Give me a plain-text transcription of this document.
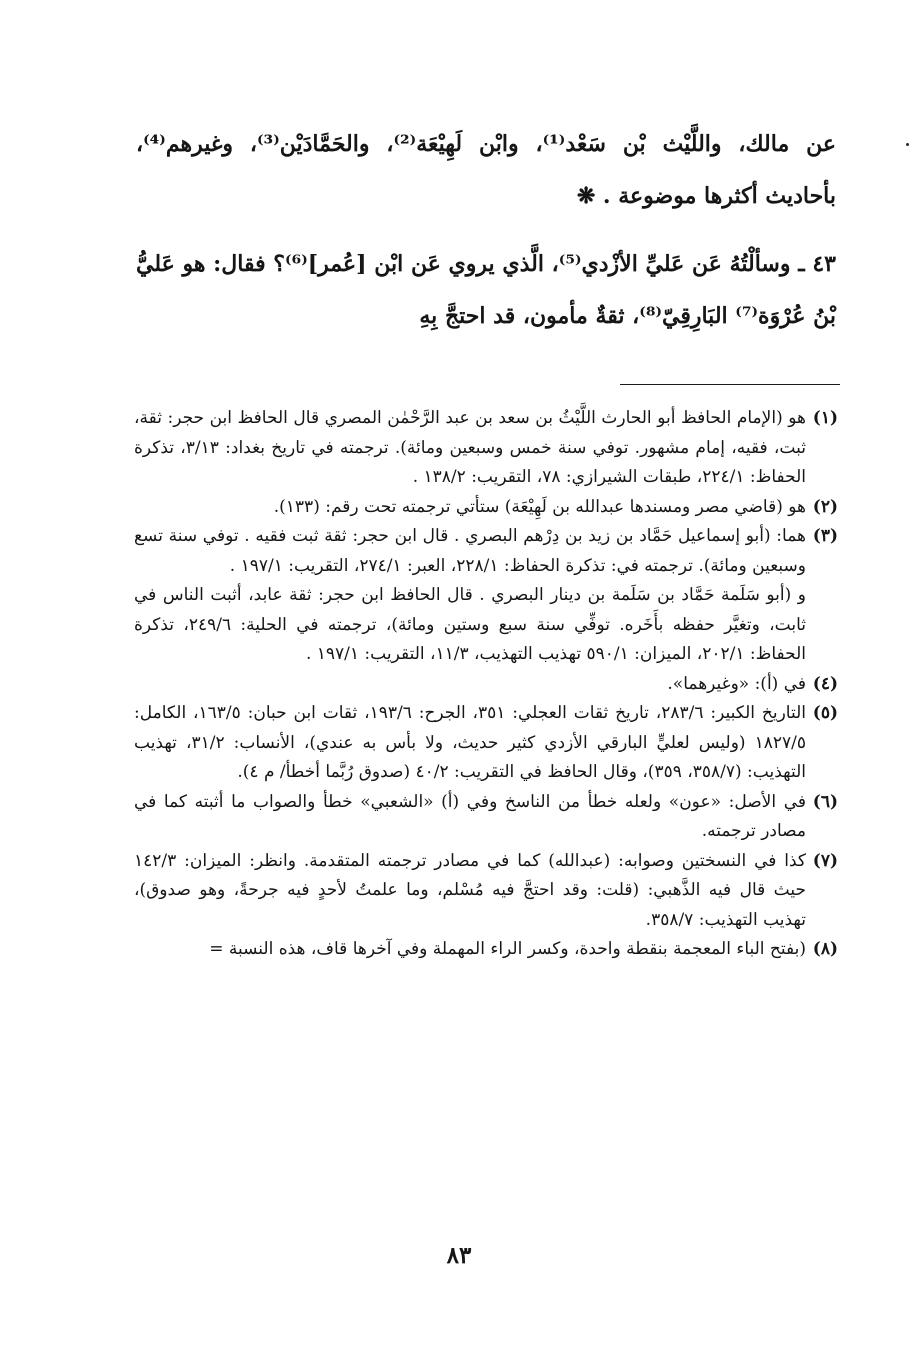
عن مالك، واللَّيْث بْن سَعْد⁽¹⁾، وابْن لَهِيْعَة⁽²⁾، والحَمَّادَيْن⁽³⁾، وغيرهم⁽⁴⁾، بأحاديث أكثرها موضوعة . ❋

٤٣ ـ وسألْتُهُ عَن عَليِّ الأزْدي⁽⁵⁾، الَّذي يروي عَن ابْن [عُمر]⁽⁶⁾؟ فقال: هو عَليُّ بْنُ عُرْوَة⁽⁷⁾ البَارِقِيّ⁽⁸⁾، ثقةٌ مأمون، قد احتجَّ بِهِ

(١)

هو (الإمام الحافظ أبو الحارث اللَّيْثُ بن سعد بن عبد الرَّحْمٰن المصري قال الحافظ ابن حجر: ثقة، ثبت، فقيه، إمام مشهور. توفي سنة خمس وسبعين ومائة). ترجمته في تاريخ بغداد: ٣/١٣، تذكرة الحفاظ: ٢٢٤/١، طبقات الشيرازي: ٧٨، التقريب: ١٣٨/٢ .

(٢)

هو (قاضي مصر ومسندها عبدالله بن لَهِيْعَة) ستأتي ترجمته تحت رقم: (١٣٣).

(٣)

هما: (أبو إسماعيل حَمَّاد بن زيد بن دِرْهم البصري . قال ابن حجر: ثقة ثبت فقيه . توفي سنة تسع وسبعين ومائة). ترجمته في: تذكرة الحفاظ: ٢٢٨/١، العبر: ٢٧٤/١، التقريب: ١٩٧/١ .

و (أبو سَلَمة حَمَّاد بن سَلَمة بن دينار البصري . قال الحافظ ابن حجر: ثقة عابد، أثبت الناس في ثابت، وتغيَّر حفظه بأَخَره. توفِّي سنة سبع وستين ومائة)، ترجمته في الحلية: ٢٤٩/٦، تذكرة الحفاظ: ٢٠٢/١، الميزان: ٥٩٠/١ تهذيب التهذيب، ١١/٣، التقريب: ١٩٧/١ .

(٤)

في (أ): «وغيرهما».

(٥)

التاريخ الكبير: ٢٨٣/٦، تاريخ ثقات العجلي: ٣٥١، الجرح: ١٩٣/٦، ثقات ابن حبان: ١٦٣/٥، الكامل: ١٨٢٧/٥ (وليس لعليٍّ البارقي الأزدي كثير حديث، ولا بأس به عندي)، الأنساب: ٣١/٢، تهذيب التهذيب: (٣٥٨/٧، ٣٥٩)، وقال الحافظ في التقريب: ٤٠/٢ (صدوق رُبَّما أخطأ/ م ٤).

(٦)

في الأصل: «عون» ولعله خطأ من الناسخ وفي (أ) «الشعبي» خطأ والصواب ما أثبته كما في مصادر ترجمته.

(٧)

كذا في النسختين وصوابه: (عبدالله) كما في مصادر ترجمته المتقدمة. وانظر: الميزان: ١٤٢/٣ حيث قال فيه الذَّهبي: (قلت: وقد احتجَّ فيه مُسْلم، وما علمتُ لأحدٍ فيه جرحةً، وهو صدوق)، تهذيب التهذيب: ٣٥٨/٧.

(٨)

(بفتح الباء المعجمة بنقطة واحدة، وكسر الراء المهملة وفي آخرها قاف، هذه النسبة =

٨٣
